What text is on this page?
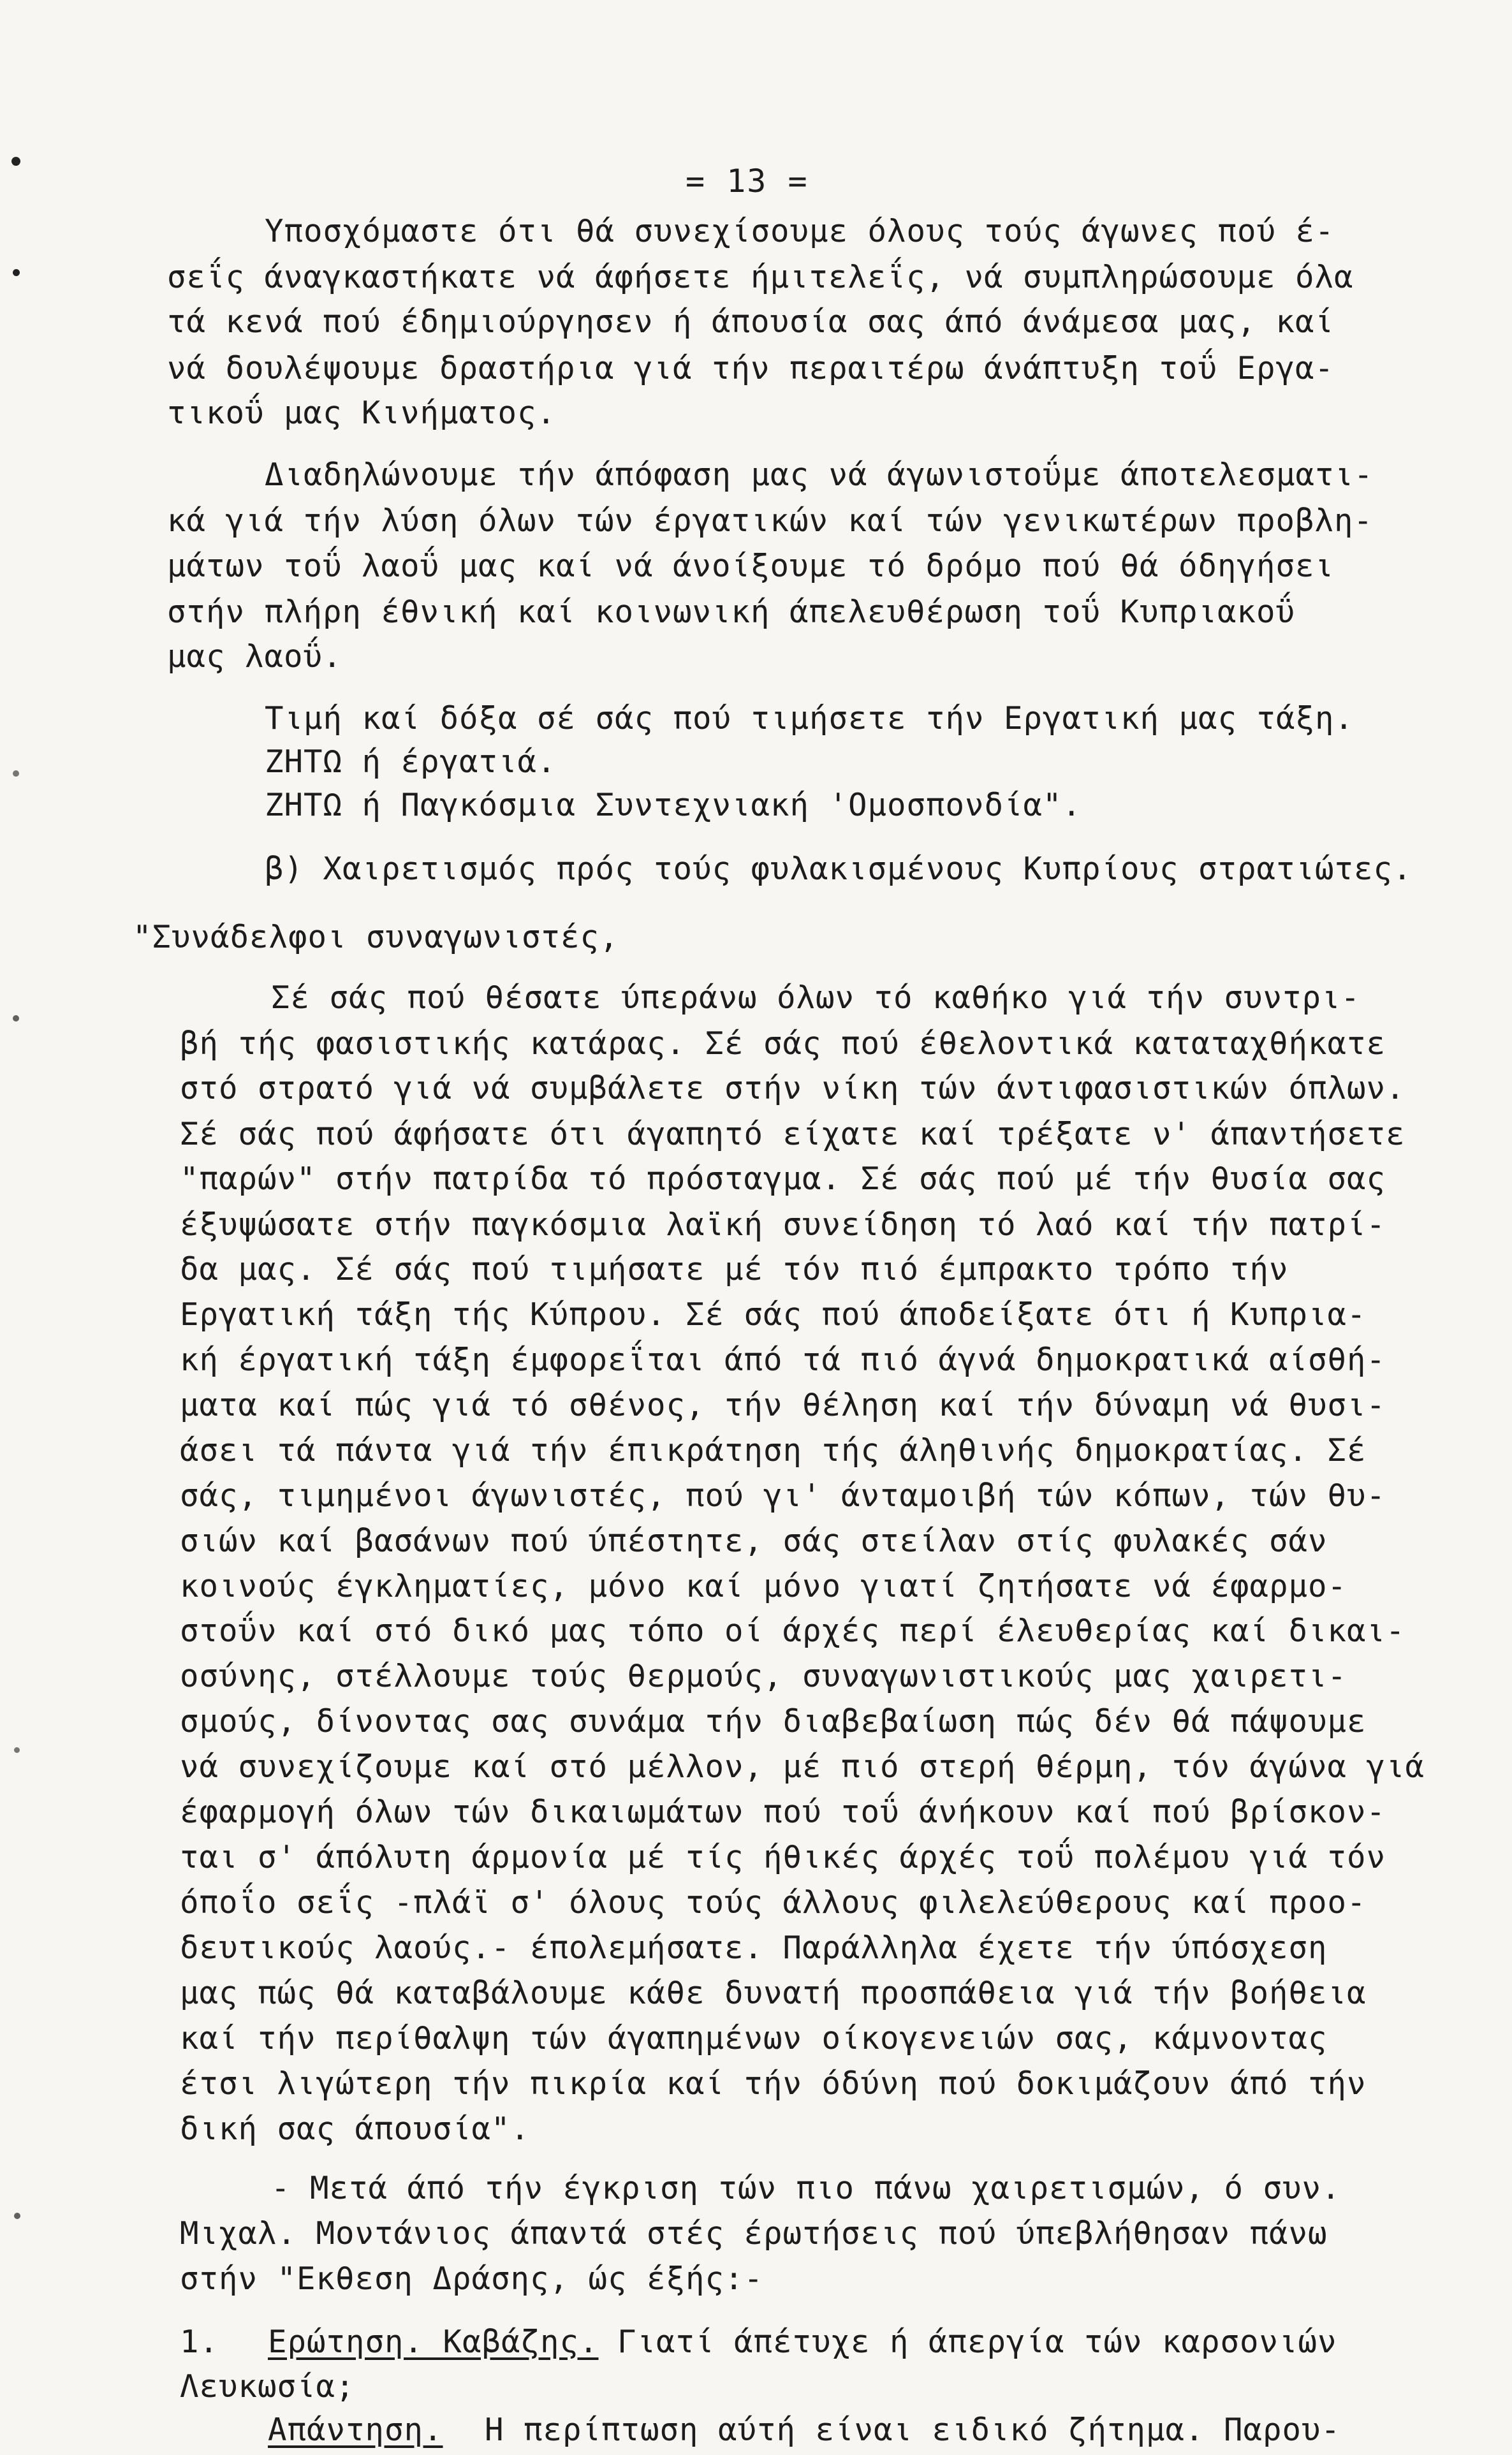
= 13 =
Υποσχόμαστε ότι θά συνεχίσουμε όλους τούς άγωνες πού έ-
σεΐς άναγκαστήκατε νά άφήσετε ήμιτελεΐς, νά συμπληρώσουμε όλα
τά κενά πού έδημιούργησεν ή άπουσία σας άπό άνάμεσα μας, καί
νά δουλέψουμε δραστήρια γιά τήν περαιτέρω άνάπτυξη τοΰ Εργα-
τικοΰ μας Κινήματος.
Διαδηλώνουμε τήν άπόφαση μας νά άγωνιστοΰμε άποτελεσματι-
κά γιά τήν λύση όλων τών έργατικών καί τών γενικωτέρων προβλη-
μάτων τοΰ λαοΰ μας καί νά άνοίξουμε τό δρόμο πού θά όδηγήσει
στήν πλήρη έθνική καί κοινωνική άπελευθέρωση τοΰ Κυπριακοΰ
μας λαοΰ.
Τιμή καί δόξα σέ σάς πού τιμήσετε τήν Εργατική μας τάξη.
ΖΗΤΩ ή έργατιά.
ΖΗΤΩ ή Παγκόσμια Συντεχνιακή 'Ομοσπονδία".
β) Χαιρετισμός πρός τούς φυλακισμένους Κυπρίους στρατιώτες.
"Συνάδελφοι συναγωνιστές,
Σέ σάς πού θέσατε ύπεράνω όλων τό καθήκο γιά τήν συντρι-
βή τής φασιστικής κατάρας. Σέ σάς πού έθελοντικά καταταχθήκατε
στό στρατό γιά νά συμβάλετε στήν νίκη τών άντιφασιστικών όπλων.
Σέ σάς πού άφήσατε ότι άγαπητό είχατε καί τρέξατε ν' άπαντήσετε
"παρών" στήν πατρίδα τό πρόσταγμα. Σέ σάς πού μέ τήν θυσία σας
έξυψώσατε στήν παγκόσμια λαϊκή συνείδηση τό λαό καί τήν πατρί-
δα μας. Σέ σάς πού τιμήσατε μέ τόν πιό έμπρακτο τρόπο τήν
Εργατική τάξη τής Κύπρου. Σέ σάς πού άποδείξατε ότι ή Κυπρια-
κή έργατική τάξη έμφορεΐται άπό τά πιό άγνά δημοκρατικά αίσθή-
ματα καί πώς γιά τό σθένος, τήν θέληση καί τήν δύναμη νά θυσι-
άσει τά πάντα γιά τήν έπικράτηση τής άληθινής δημοκρατίας. Σέ
σάς, τιμημένοι άγωνιστές, πού γι' άνταμοιβή τών κόπων, τών θυ-
σιών καί βασάνων πού ύπέστητε, σάς στείλαν στίς φυλακές σάν
κοινούς έγκληματίες, μόνο καί μόνο γιατί ζητήσατε νά έφαρμο-
στοΰν καί στό δικό μας τόπο οί άρχές περί έλευθερίας καί δικαι-
οσύνης, στέλλουμε τούς θερμούς, συναγωνιστικούς μας χαιρετι-
σμούς, δίνοντας σας συνάμα τήν διαβεβαίωση πώς δέν θά πάψουμε
νά συνεχίζουμε καί στό μέλλον, μέ πιό στερή θέρμη, τόν άγώνα γιά
έφαρμογή όλων τών δικαιωμάτων πού τοΰ άνήκουν καί πού βρίσκον-
ται σ' άπόλυτη άρμονία μέ τίς ήθικές άρχές τοΰ πολέμου γιά τόν
όποΐο σεΐς -πλάϊ σ' όλους τούς άλλους φιλελεύθερους καί προο-
δευτικούς λαούς.- έπολεμήσατε. Παράλληλα έχετε τήν ύπόσχεση
μας πώς θά καταβάλουμε κάθε δυνατή προσπάθεια γιά τήν βοήθεια
καί τήν περίθαλψη τών άγαπημένων οίκογενειών σας, κάμνοντας
έτσι λιγώτερη τήν πικρία καί τήν όδύνη πού δοκιμάζουν άπό τήν
δική σας άπουσία".
- Μετά άπό τήν έγκριση τών πιο πάνω χαιρετισμών, ό συν.
Μιχαλ. Μοντάνιος άπαντά στές έρωτήσεις πού ύπεβλήθησαν πάνω
στήν "Εκθεση Δράσης, ώς έξής:-
1. Ερώτηση. Καβάζης. Γιατί άπέτυχε ή άπεργία τών καρσονιών
Λευκωσία;
Απάντηση. Η περίπτωση αύτή είναι ειδικό ζήτημα. Παρου-
